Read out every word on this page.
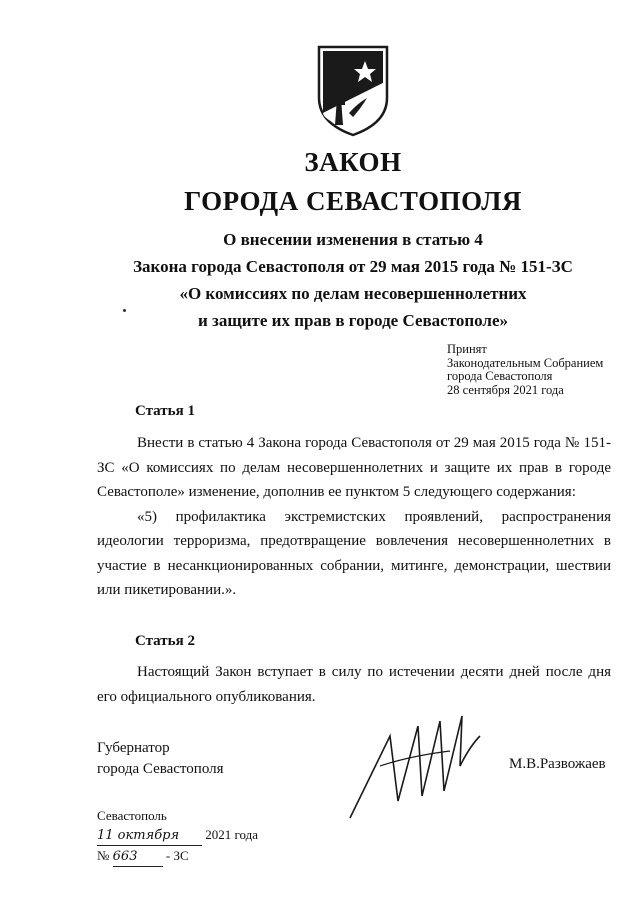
ЗАКОН
ГОРОДА СЕВАСТОПОЛЯ
О внесении изменения в статью 4
Закона города Севастополя от 29 мая 2015 года № 151-ЗС
«О комиссиях по делам несовершеннолетних
и защите их прав в городе Севастополе»
Принят
Законодательным Собранием
города Севастополя
28 сентября 2021 года
Статья 1

Внести в статью 4 Закона города Севастополя от 29 мая 2015 года № 151-ЗС «О комиссиях по делам несовершеннолетних и защите их прав в городе Севастополе» изменение, дополнив ее пунктом 5 следующего содержания:

«5) профилактика экстремистских проявлений, распространения идеологии терроризма, предотвращение вовлечения несовершеннолетних в участие в несанкционированных собрании, митинге, демонстрации, шествии или пикетировании.».

Статья 2

Настоящий Закон вступает в силу по истечении десяти дней после дня его официального опубликования.

Губернатор
города Севастополя	М.В.Развожаев
Севастополь
11 октября 2021 года
№ 663 - ЗС
